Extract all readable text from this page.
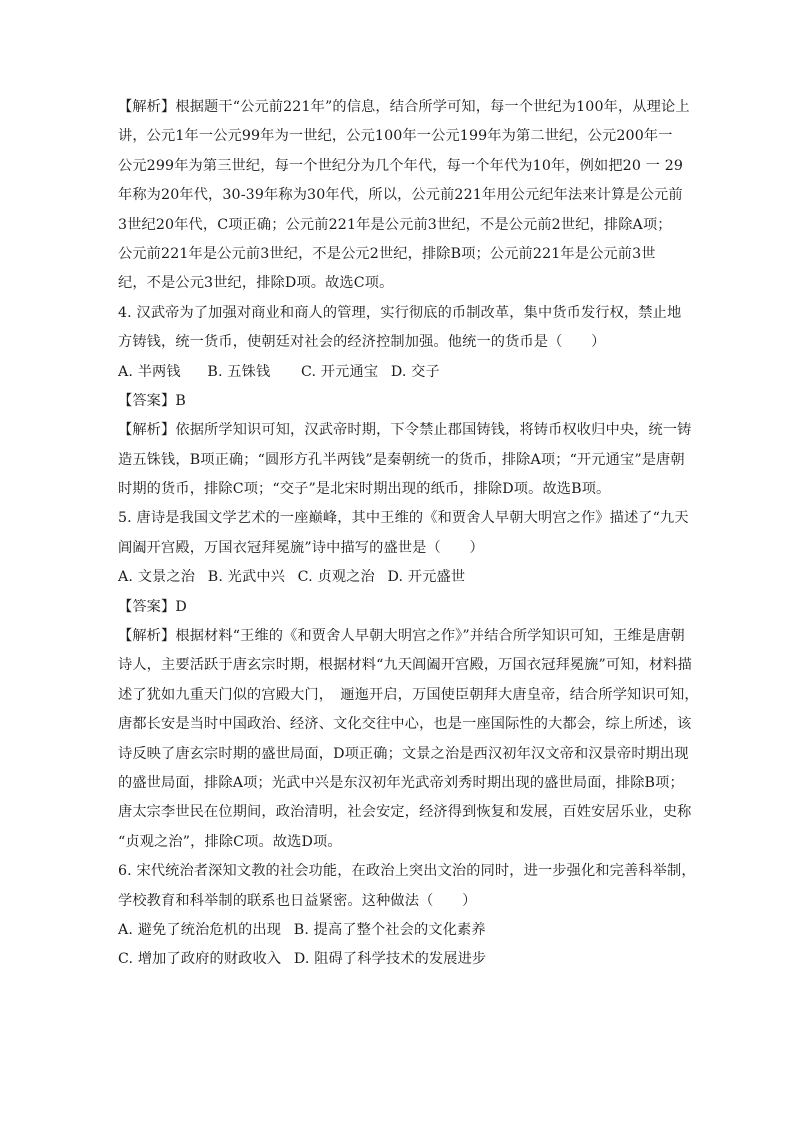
【解析】根据题干“公元前221年”的信息，结合所学可知，每一个世纪为100年，从理论上
讲，公元1年一公元99年为一世纪，公元100年一公元199年为第二世纪，公元200年一
公元299年为第三世纪，每一个世纪分为几个年代，每一个年代为10年，例如把20 一 29
年称为20年代，30-39年称为30年代，所以，公元前221年用公元纪年法来计算是公元前
3世纪20年代，C项正确；公元前221年是公元前3世纪，不是公元前2世纪，排除A项；
公元前221年是公元前3世纪，不是公元2世纪，排除B项；公元前221年是公元前3世
纪，不是公元3世纪，排除D项。故选C项。
4. 汉武帝为了加强对商业和商人的管理，实行彻底的币制改革，集中货币发行权，禁止地
方铸钱，统一货币，使朝廷对社会的经济控制加强。他统一的货币是（　　）
A. 半两钱 B. 五铢钱 C. 开元通宝 D. 交子
【答案】B
【解析】依据所学知识可知，汉武帝时期，下令禁止郡国铸钱，将铸币权收归中央，统一铸
造五铢钱，B项正确；“圆形方孔半两钱”是秦朝统一的货币，排除A项；“开元通宝”是唐朝
时期的货币，排除C项；“交子”是北宋时期出现的纸币，排除D项。故选B项。
5. 唐诗是我国文学艺术的一座巅峰，其中王维的《和贾舍人早朝大明宫之作》描述了“九天
阊阖开宫殿，万国衣冠拜冕旒”诗中描写的盛世是（　　）
A. 文景之治 B. 光武中兴 C. 贞观之治 D. 开元盛世
【答案】D
【解析】根据材料“王维的《和贾舍人早朝大明宫之作》”并结合所学知识可知，王维是唐朝
诗人，主要活跃于唐玄宗时期，根据材料“九天阊阖开宫殿，万国衣冠拜冕旒”可知，材料描
述了犹如九重天门似的宫殿大门，　逦迤开启，万国使臣朝拜大唐皇帝，结合所学知识可知，
唐都长安是当时中国政治、经济、文化交往中心，也是一座国际性的大都会，综上所述，该
诗反映了唐玄宗时期的盛世局面，D项正确；文景之治是西汉初年汉文帝和汉景帝时期出现
的盛世局面，排除A项；光武中兴是东汉初年光武帝刘秀时期出现的盛世局面，排除B项；
唐太宗李世民在位期间，政治清明，社会安定，经济得到恢复和发展，百姓安居乐业，史称
“贞观之治”，排除C项。故选D项。
6. 宋代统治者深知文教的社会功能，在政治上突出文治的同时，进一步强化和完善科举制，
学校教育和科举制的联系也日益紧密。这种做法（　　）
A. 避免了统治危机的出现 B. 提高了整个社会的文化素养
C. 增加了政府的财政收入 D. 阻碍了科学技术的发展进步
